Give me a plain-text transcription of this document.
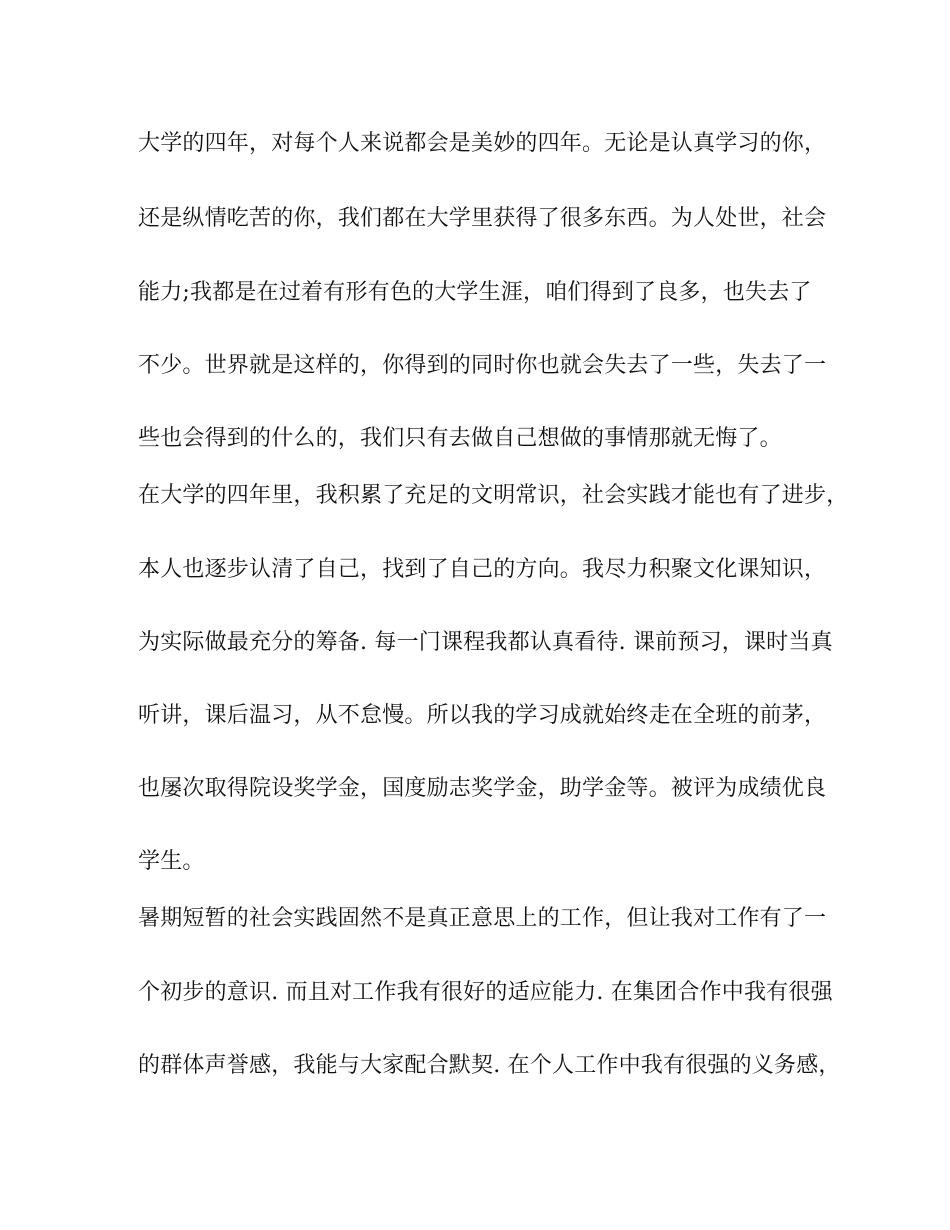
大学的四年，对每个人来说都会是美妙的四年。无论是认真学习的你，
还是纵情吃苦的你，我们都在大学里获得了很多东西。为人处世，社会
能力;我都是在过着有形有色的大学生涯，咱们得到了良多，也失去了
不少。世界就是这样的，你得到的同时你也就会失去了一些，失去了一
些也会得到的什么的，我们只有去做自己想做的事情那就无悔了。
在大学的四年里，我积累了充足的文明常识，社会实践才能也有了进步，
本人也逐步认清了自己，找到了自己的方向。我尽力积聚文化课知识，
为实际做最充分的筹备. 每一门课程我都认真看待. 课前预习，课时当真
听讲，课后温习，从不怠慢。所以我的学习成就始终走在全班的前茅，
也屡次取得院设奖学金，国度励志奖学金，助学金等。被评为成绩优良
学生。
暑期短暂的社会实践固然不是真正意思上的工作，但让我对工作有了一
个初步的意识. 而且对工作我有很好的适应能力. 在集团合作中我有很强
的群体声誉感，我能与大家配合默契. 在个人工作中我有很强的义务感，
